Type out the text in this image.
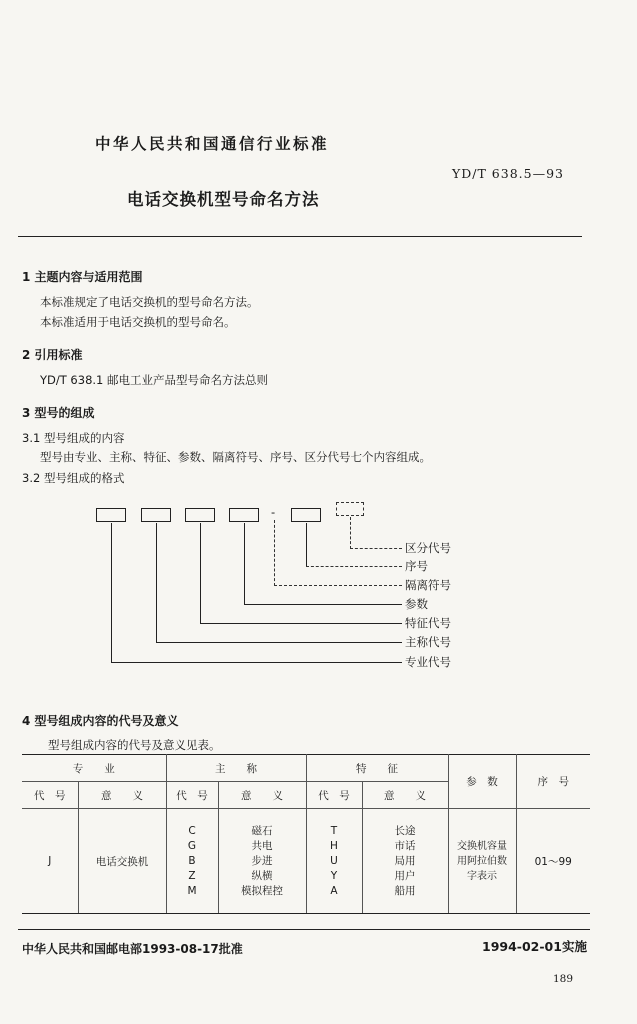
中华人民共和国通信行业标准
YD/T 638.5—93
电话交换机型号命名方法
1 主题内容与适用范围
本标准规定了电话交换机的型号命名方法。
本标准适用于电话交换机的型号命名。
2 引用标准
YD/T 638.1 邮电工业产品型号命名方法总则
3 型号的组成
3.1 型号组成的内容
型号由专业、主称、特征、参数、隔离符号、序号、区分代号七个内容组成。
3.2 型号组成的格式
-
区分代号
序号
隔离符号
参数
特征代号
主称代号
专业代号
4 型号组成内容的代号及意义
型号组成内容的代号及意义见表。
专　　业		主　　称		特　　征		参　数	序　号
代　号	意　　义	代　号	意　　义	代　号	意　　义		
J	电话交换机	C
G
B
Z
M	磁石
共电
步进
纵横
模拟程控	T
H
U
Y
A	长途
市话
局用
用户
船用	交换机容量
用阿拉伯数
字表示	01～99
中华人民共和国邮电部1993-08-17批准	1994-02-01实施
189
